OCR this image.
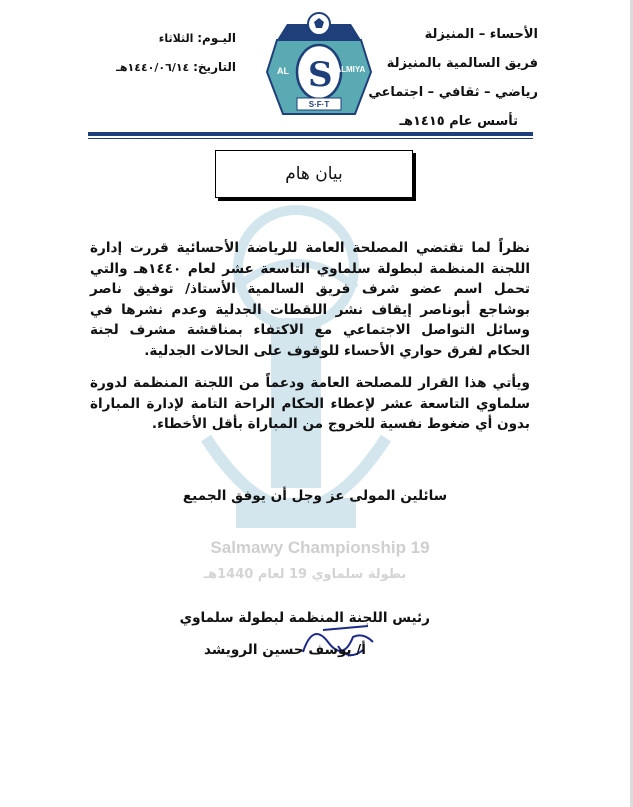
الأحساء – المنيزلة
فريق السالمية بالمنيزلة
رياضي – ثقافي – اجتماعي
تأسس عام ١٤١٥هـ
اليـوم: الثلاثاء
التاريخ: ١٤٤٠/٠٦/١٤هـ	S
AL	SALMIYA
S·F·T
بيان هام

نظراً لما تقتضي المصلحة العامة للرياضة الأحسائية قررت إدارة اللجنة المنظمة لبطولة سلماوي التاسعة عشر لعام ١٤٤٠هـ والتي تحمل اسم عضو شرف فريق السالمية الأستاذ/ توفيق ناصر بوشاجع أبوناصر إيقاف نشر اللقطات الجدلية وعدم نشرها في وسائل التواصل الاجتماعي مع الاكتفاء بمناقشة مشرف لجنة الحكام لفرق حواري الأحساء للوقوف على الحالات الجدلية.

ويأتي هذا القرار للمصلحة العامة ودعماً من اللجنة المنظمة لدورة سلماوي التاسعة عشر لإعطاء الحكام الراحة التامة لإدارة المباراة بدون أي ضغوط نفسية للخروج من المباراة بأقل الأخطاء.

سائلين المولى عز وجل أن يوفق الجميع
Salmawy Championship 19
بطولة سلماوي 19 لعام 1440هـ
رئيس اللجنة المنظمة لبطولة سلماوي
أ/ يوسف حسين الرويشد
